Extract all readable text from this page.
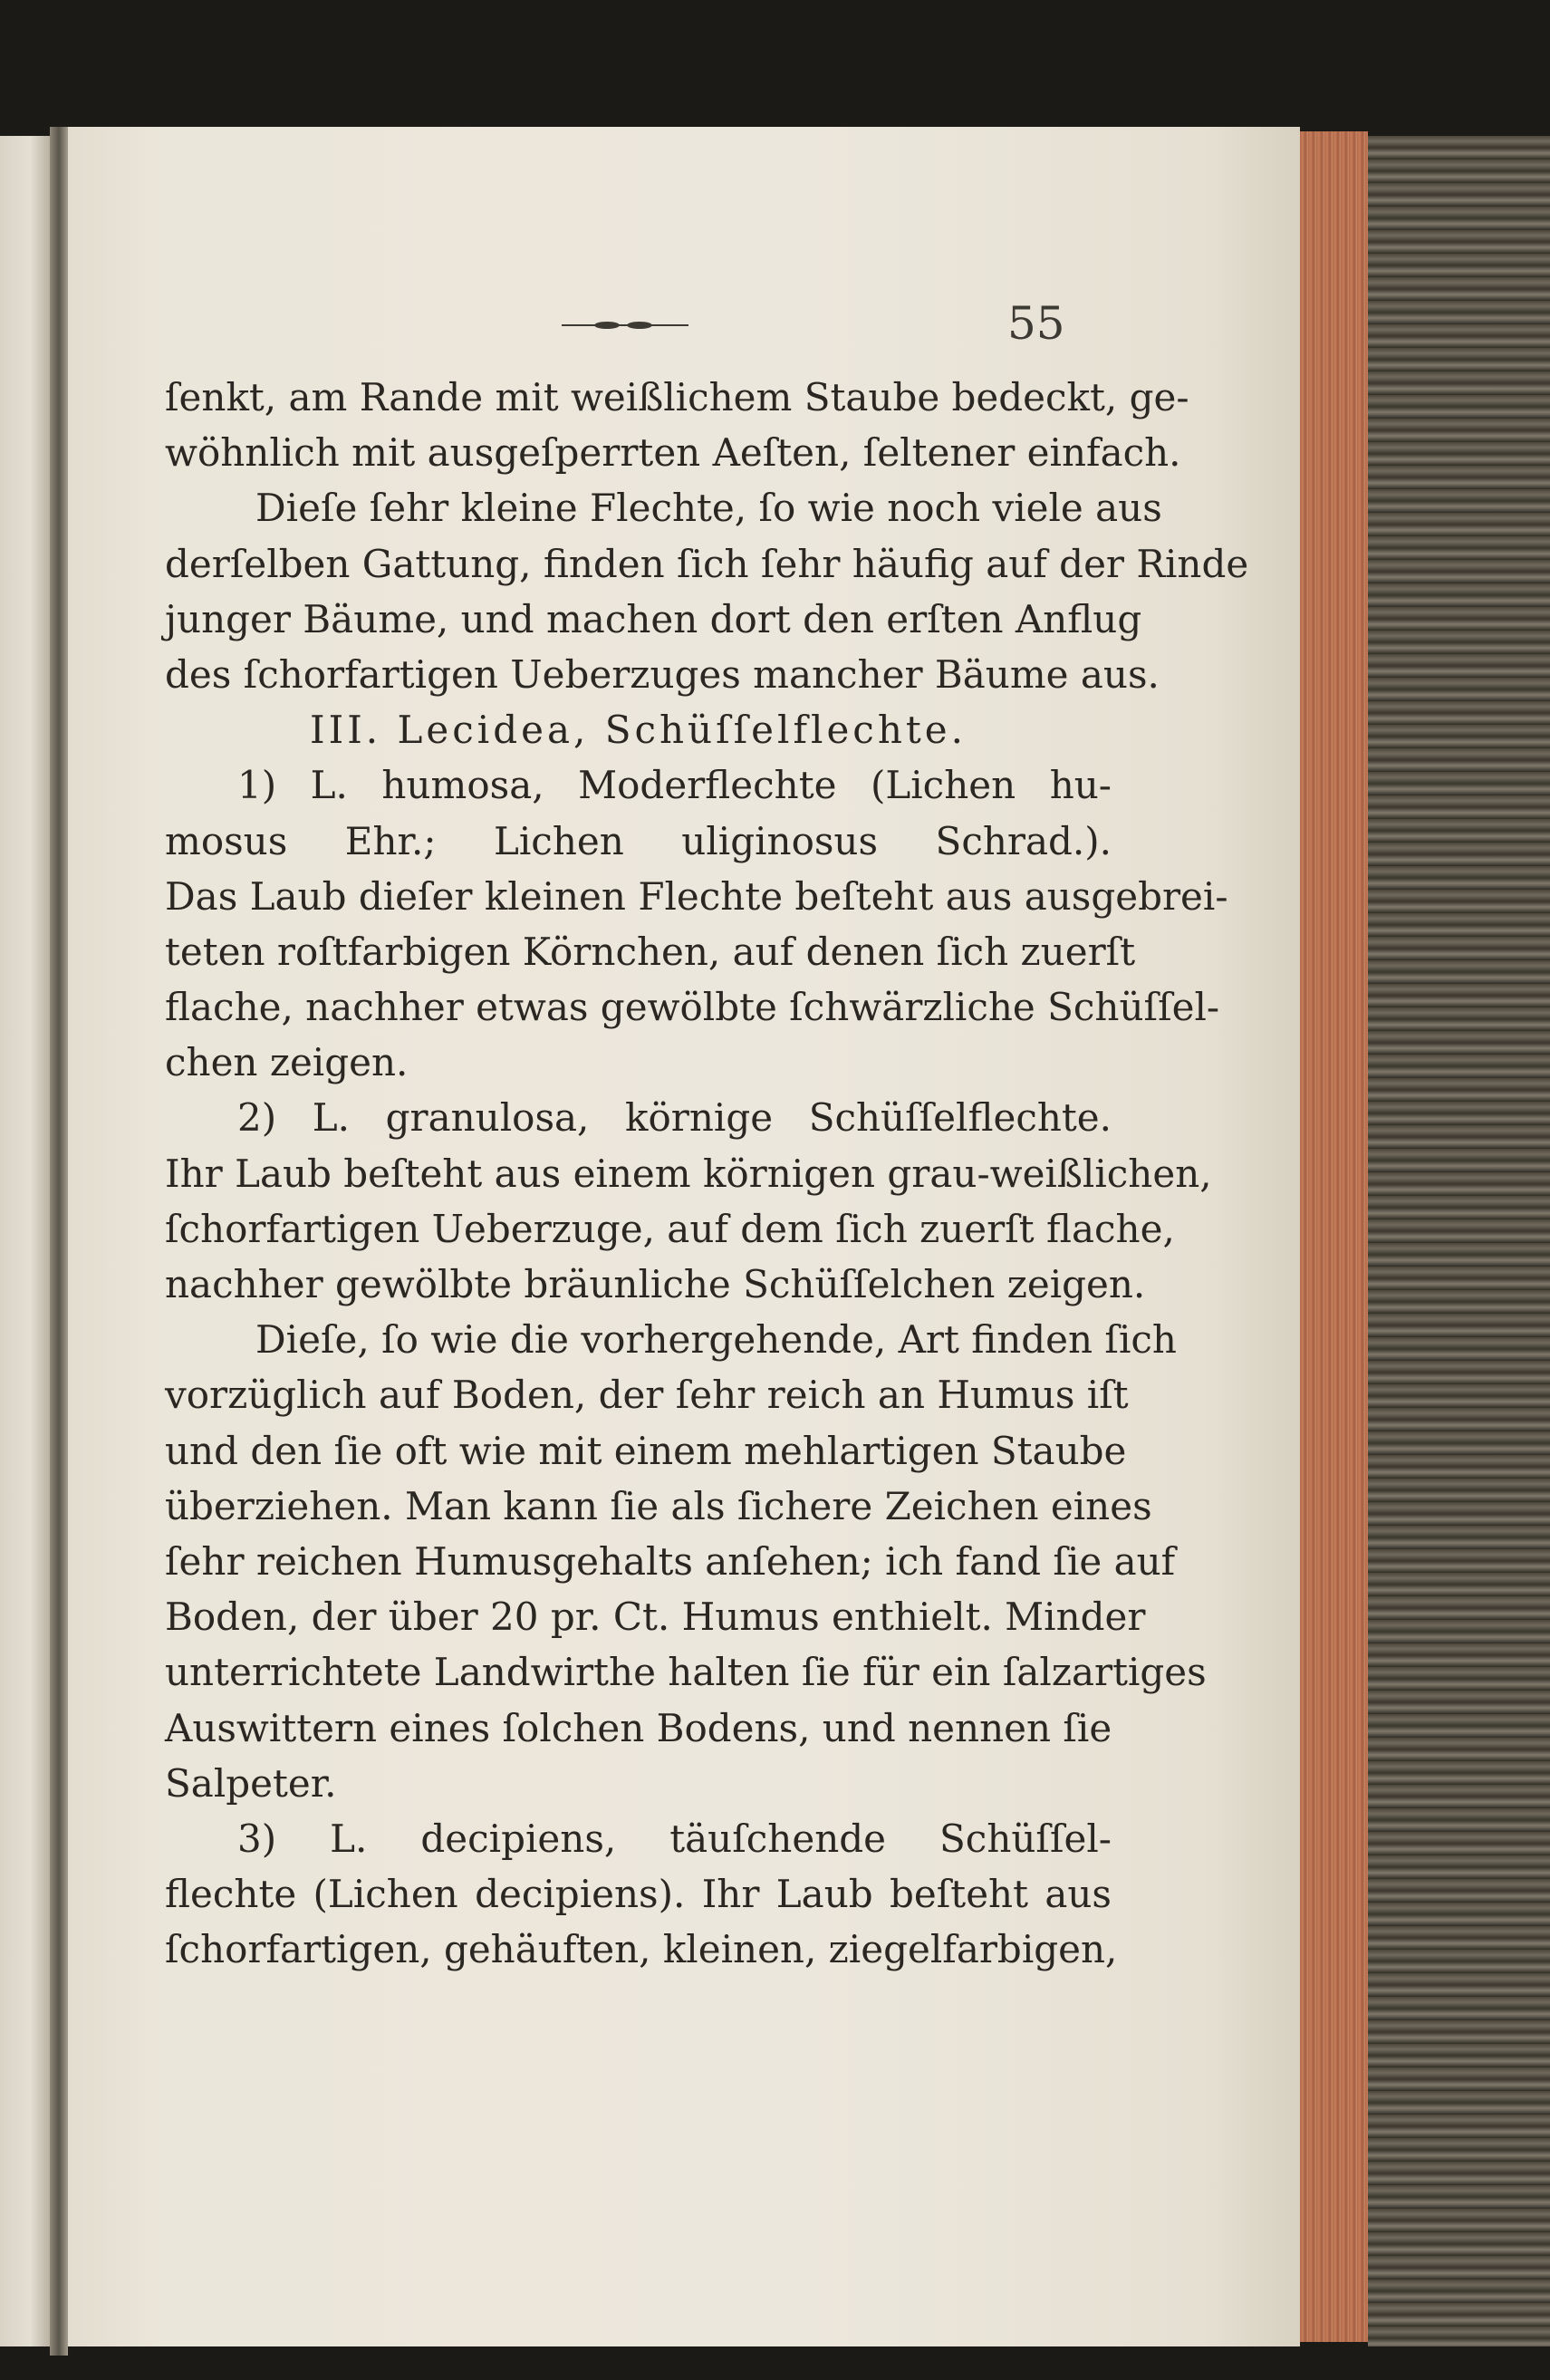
55
ſenkt, am Rande mit weißlichem Staube bedeckt, ge-
wöhnlich mit ausgeſperrten Aeſten, ſeltener einfach.
Dieſe ſehr kleine Flechte, ſo wie noch viele aus
derſelben Gattung, finden ſich ſehr häufig auf der Rinde
junger Bäume, und machen dort den erſten Anflug
des ſchorfartigen Ueberzuges mancher Bäume aus.
III. Lecidea, Schüſſelflechte.
1) L. humosa, Moderflechte (Lichen hu-
mosus Ehr.; Lichen uliginosus Schrad.).
Das Laub dieſer kleinen Flechte beſteht aus ausgebrei-
teten roſtfarbigen Körnchen, auf denen ſich zuerſt
flache, nachher etwas gewölbte ſchwärzliche Schüſſel-
chen zeigen.
2) L. granulosa, körnige Schüſſelflechte.
Ihr Laub beſteht aus einem körnigen grau-weißlichen,
ſchorfartigen Ueberzuge, auf dem ſich zuerſt flache,
nachher gewölbte bräunliche Schüſſelchen zeigen.
Dieſe, ſo wie die vorhergehende, Art finden ſich
vorzüglich auf Boden, der ſehr reich an Humus iſt
und den ſie oft wie mit einem mehlartigen Staube
überziehen. Man kann ſie als ſichere Zeichen eines
ſehr reichen Humusgehalts anſehen; ich fand ſie auf
Boden, der über 20 pr. Ct. Humus enthielt. Minder
unterrichtete Landwirthe halten ſie für ein ſalzartiges
Auswittern eines ſolchen Bodens, und nennen ſie
Salpeter.
3) L. decipiens, täuſchende Schüſſel-
flechte (Lichen decipiens). Ihr Laub beſteht aus
ſchorfartigen, gehäuften, kleinen, ziegelfarbigen,
